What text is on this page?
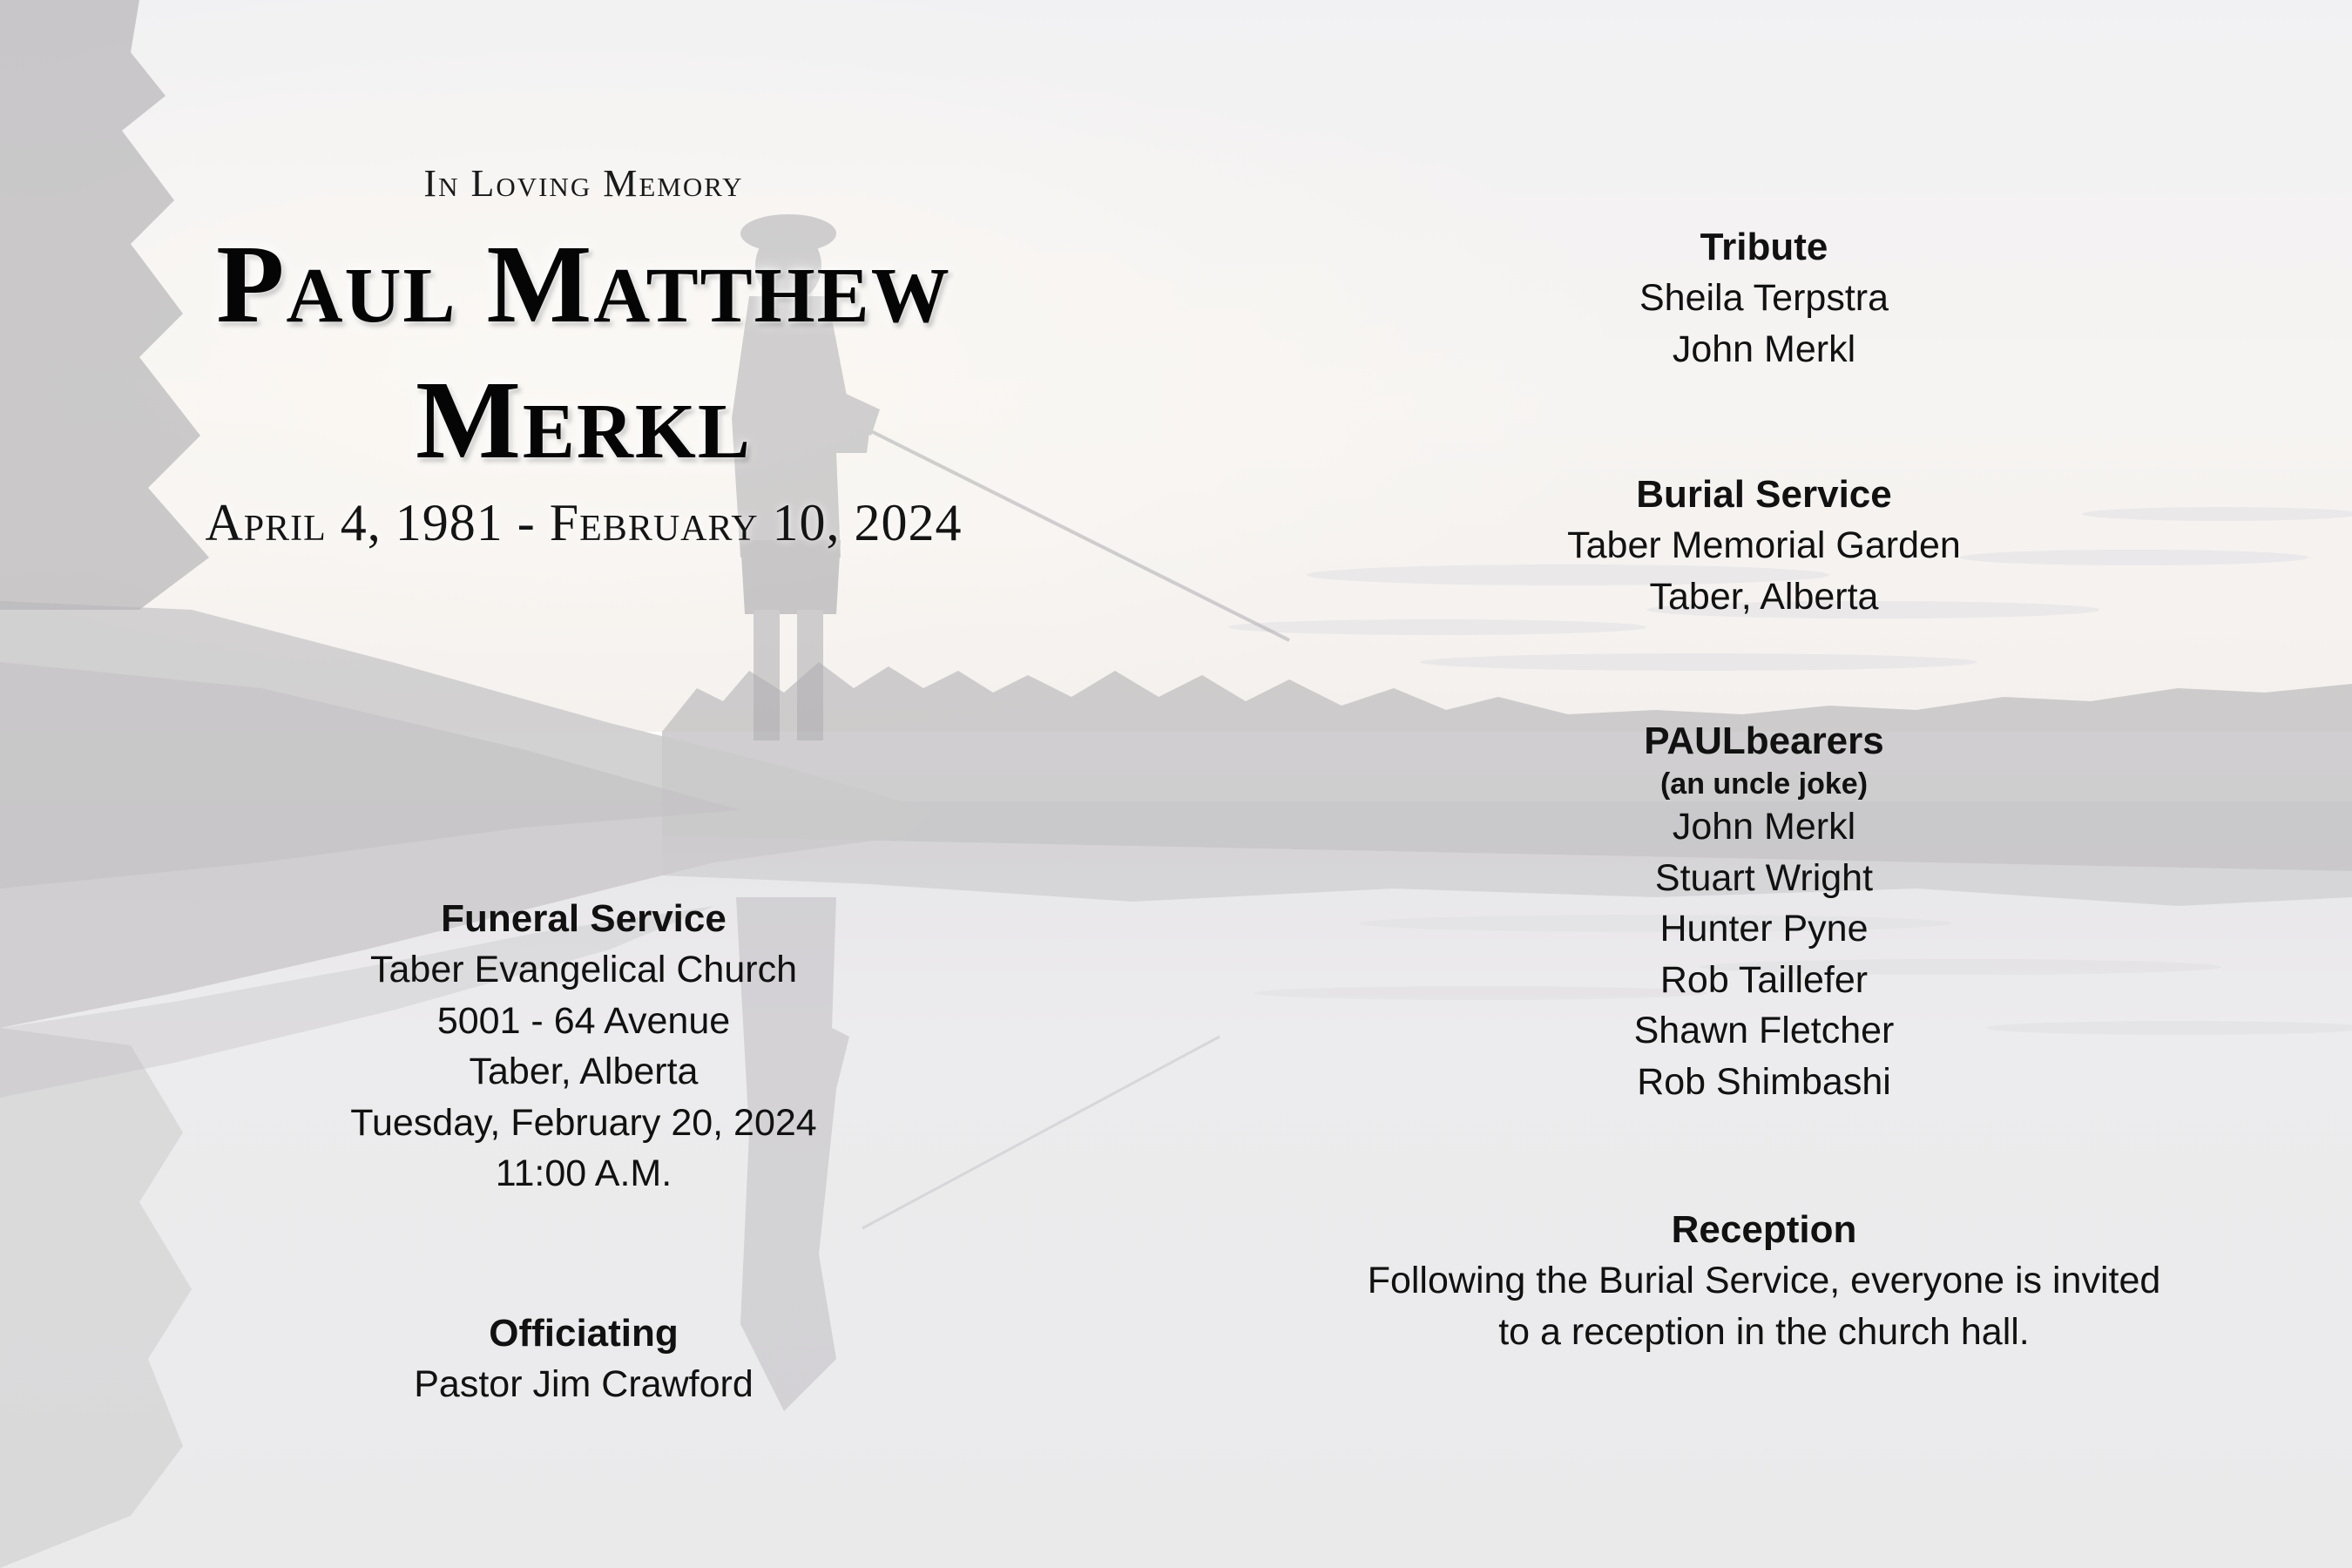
In Loving Memory
Paul Matthew
Merkl
April 4, 1981 - February 10, 2024
Funeral Service
Taber Evangelical Church
5001 - 64 Avenue
Taber, Alberta
Tuesday, February 20, 2024
11:00 A.M.
Officiating
Pastor Jim Crawford
Tribute
Sheila Terpstra
John Merkl
Burial Service
Taber Memorial Garden
Taber, Alberta
PAULbearers
(an uncle joke)
John Merkl
Stuart Wright
Hunter Pyne
Rob Taillefer
Shawn Fletcher
Rob Shimbashi
Reception
Following the Burial Service, everyone is invited
to a reception in the church hall.
